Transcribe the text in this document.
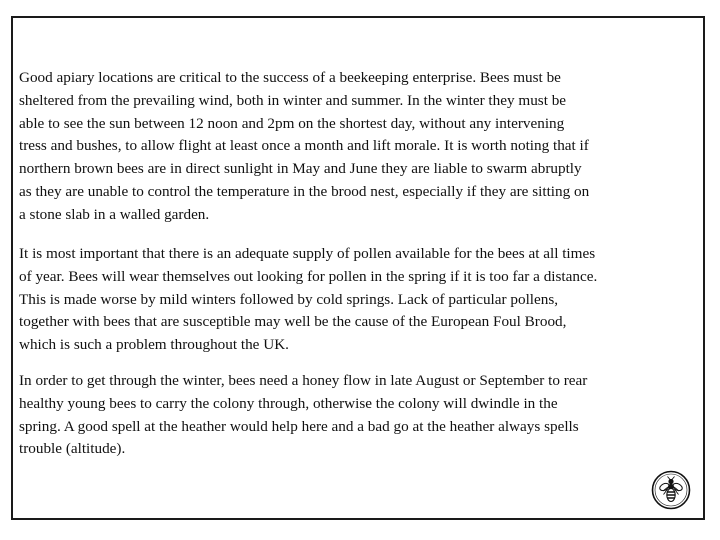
Good apiary locations are critical to the success of a beekeeping enterprise. Bees must be
sheltered from the prevailing wind, both in winter and summer. In the winter they must be
able to see the sun between 12 noon and 2pm on the shortest day, without any intervening
tress and bushes, to allow flight at least once a month and lift morale. It is worth noting that if
northern brown bees are in direct sunlight in May and June they are liable to swarm abruptly
as they are unable to control the temperature in the brood nest, especially if they are sitting on
a stone slab in a walled garden.

It is most important that there is an adequate supply of pollen available for the bees at all times
of year. Bees will wear themselves out looking for pollen in the spring if it is too far a distance.
This is made worse by mild winters followed by cold springs. Lack of particular pollens,
together with bees that are susceptible may well be the cause of the European Foul Brood,
which is such a problem throughout the UK.

In order to get through the winter, bees need a honey flow in late August or September to rear
healthy young bees to carry the colony through, otherwise the colony will dwindle in the
spring. A good spell at the heather would help here and a bad go at the heather always spells
trouble (altitude).
